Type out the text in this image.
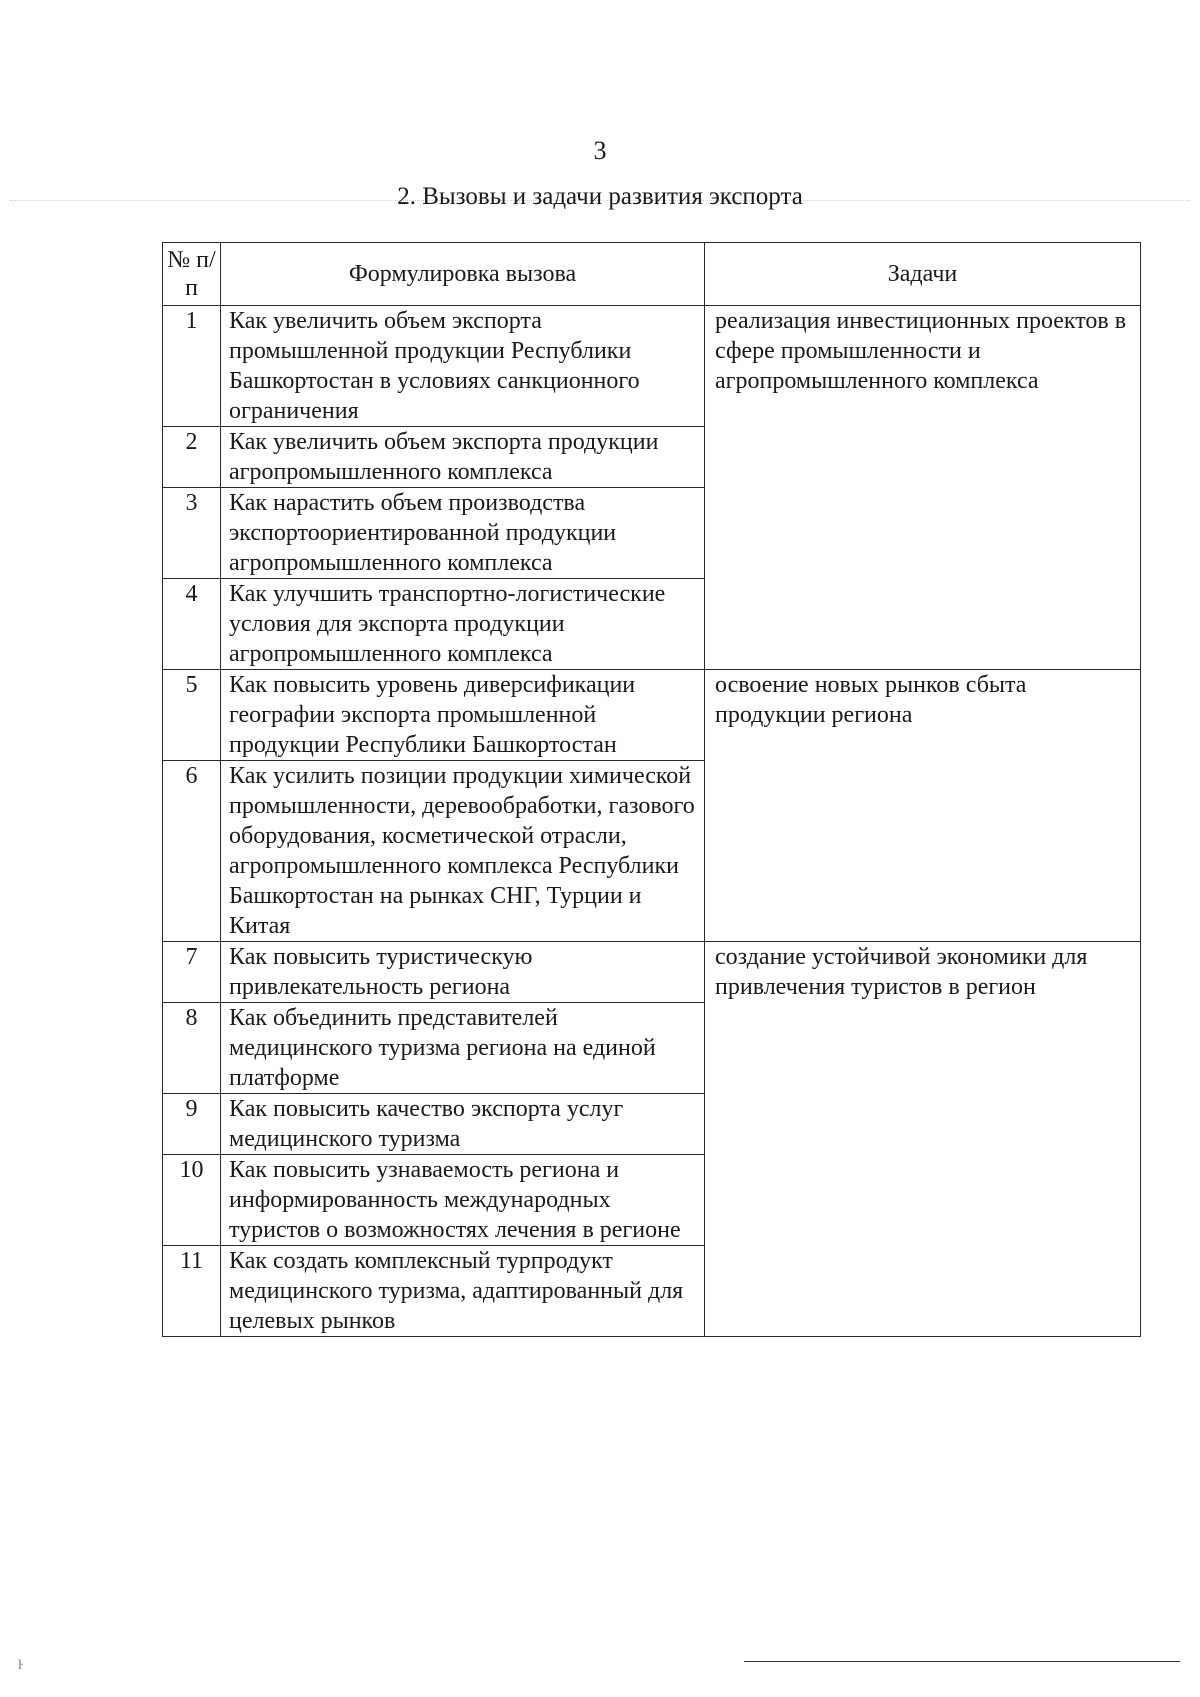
3
2. Вызовы и задачи развития экспорта
№ п/п	Формулировка вызова	Задачи
1	Как увеличить объем экспорта промышленной продукции Республики Башкортостан в условиях санкционного ограничения	реализация инвестиционных проектов в сфере промышленности и агропромышленного комплекса
2	Как увеличить объем экспорта продукции агропромышленного комплекса	
3	Как нарастить объем производства экспортоориентированной продукции агропромышленного комплекса	
4	Как улучшить транспортно-логистические условия для экспорта продукции агропромышленного комплекса	
5	Как повысить уровень диверсификации географии экспорта промышленной продукции Республики Башкортостан	освоение новых рынков сбыта продукции региона
6	Как усилить позиции продукции химической промышленности, деревообработки, газового оборудования, косметической отрасли, агропромышленного комплекса Республики Башкортостан на рынках СНГ, Турции и Китая	
7	Как повысить туристическую привлекательность региона	создание устойчивой экономики для привлечения туристов в регион
8	Как объединить представителей медицинского туризма региона на единой платформе	
9	Как повысить качество экспорта услуг медицинского туризма	
10	Как повысить узнаваемость региона и информированность международных туристов о возможностях лечения в регионе	
11	Как создать комплексный турпродукт медицинского туризма, адаптированный для целевых рынков	
ŀ
